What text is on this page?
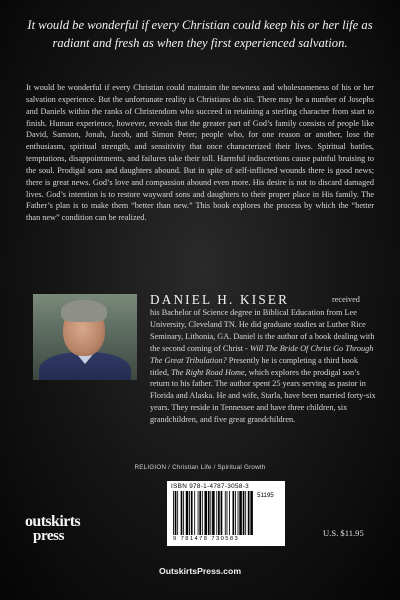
It would be wonderful if every Christian could keep his or her life as radiant and fresh as when they first experienced salvation.
It would be wonderful if every Christian could maintain the newness and wholesomeness of his or her salvation experience. But the unfortunate reality is Christians do sin. There may be a number of Josephs and Daniels within the ranks of Christendom who succeed in retaining a sterling character from start to finish. Human experience, however, reveals that the greater part of God’s family consists of people like David, Samson, Jonah, Jacob, and Simon Peter; people who, for one reason or another, lose the enthusiasm, spiritual strength, and sensitivity that once characterized their lives. Spiritual battles, temptations, disappointments, and failures take their toll. Harmful indiscretions cause painful bruising to the soul. Prodigal sons and daughters abound. But in spite of self-inflicted wounds there is good news; there is great news. God’s love and compassion abound even more. His desire is not to discard damaged lives. God’s intention is to restore wayward sons and daughters to their proper place in His family. The Father’s plan is to make them “better than new.” This book explores the process by which the “better than new” condition can be realized.
DANIEL H. KISER	received
his Bachelor of Science degree in Biblical Education from Lee University, Cleveland TN. He did graduate studies at Luther Rice Seminary, Lithonia, GA. Daniel is the author of a book dealing with the second coming of Christ - Will The Bride Of Christ Go Through The Great Tribulation? Presently he is completing a third book titled, The Right Road Home, which explores the prodigal son’s return to his father. The author spent 25 years serving as pastor in Florida and Alaska. He and wife, Starla, have been married forty-six years. They reside in Tennessee and have three children, six grandchildren, and five great grandchildren.
RELIGION / Christian Life / Spiritual Growth
ISBN 978-1-4787-3058-3
51195
9 781478 730583
outskirts
press	U.S. $11.95
OutskirtsPress.com
